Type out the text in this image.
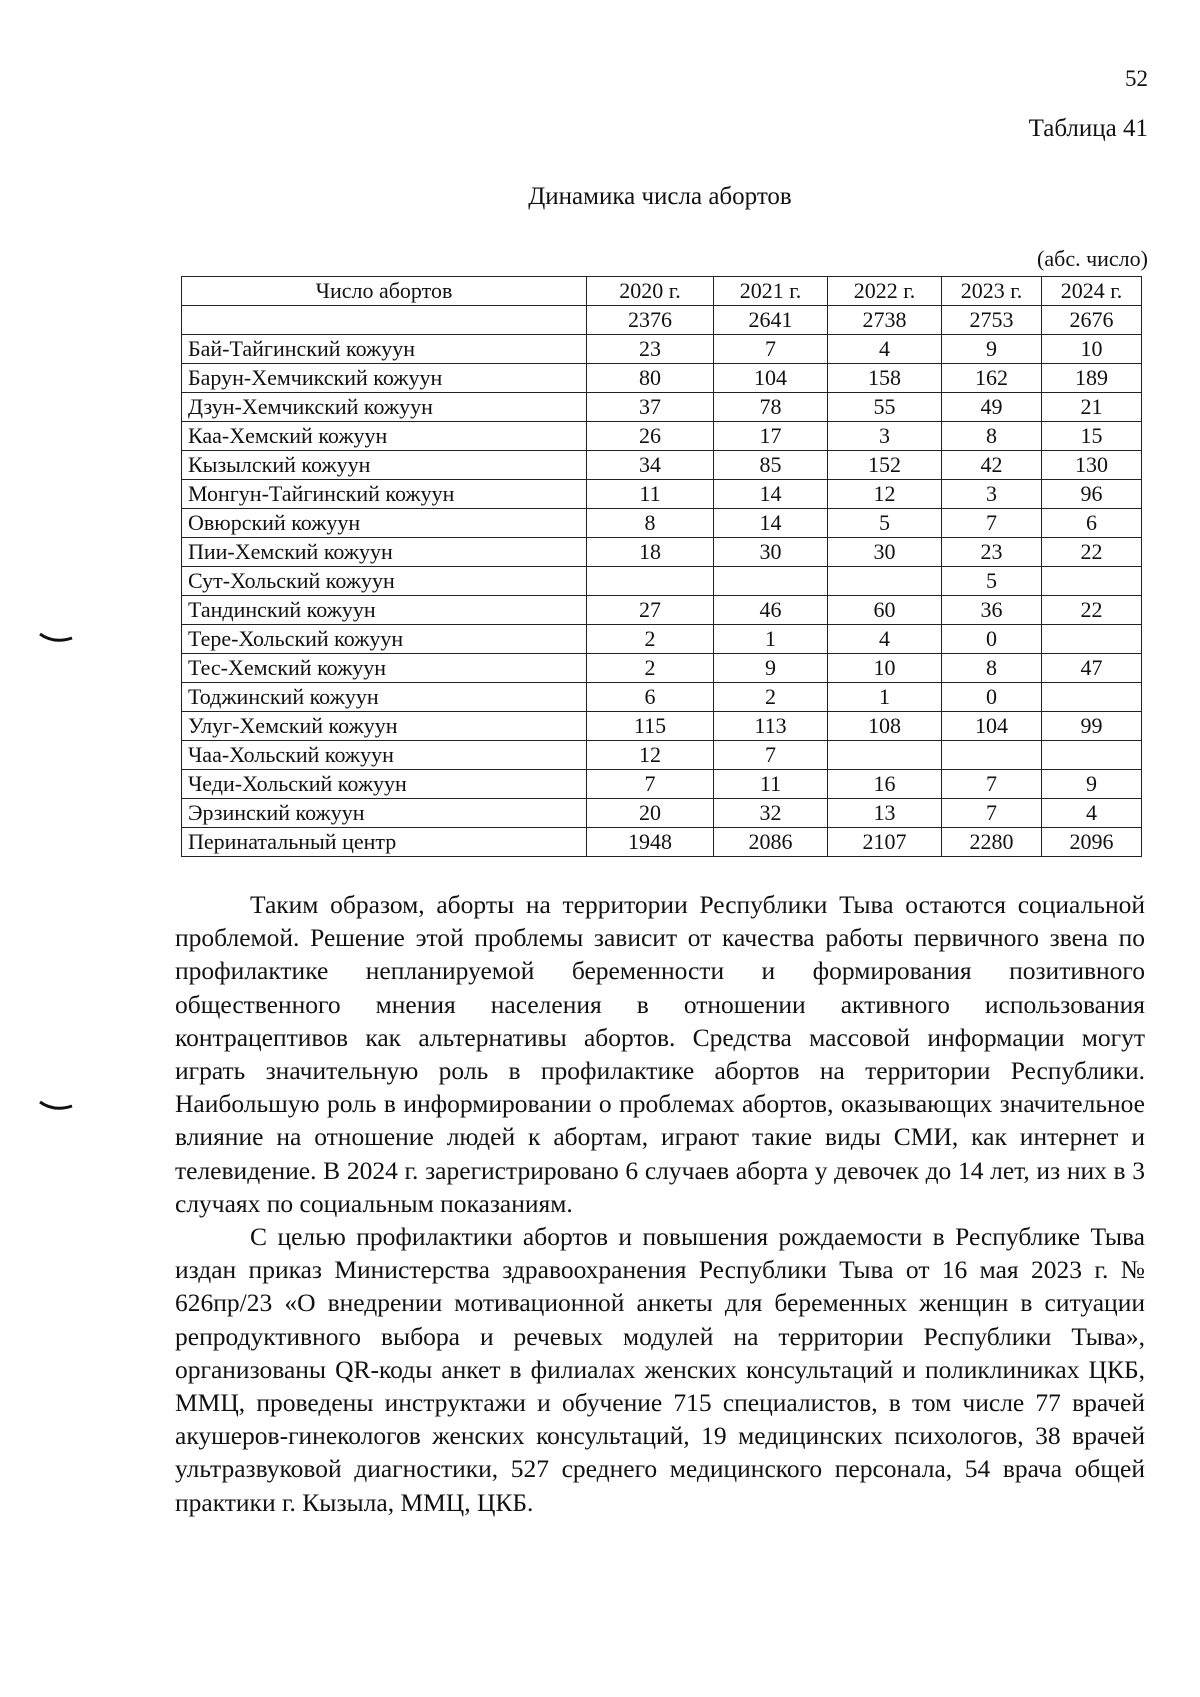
52
Таблица 41
Динамика числа абортов
(абс. число)
Число абортов	2020 г.	2021 г.	2022 г.	2023 г.	2024 г.
	2376	2641	2738	2753	2676
Бай-Тайгинский кожуун	23	7	4	9	10
Барун-Хемчикский кожуун	80	104	158	162	189
Дзун-Хемчикский кожуун	37	78	55	49	21
Каа-Хемский кожуун	26	17	3	8	15
Кызылский кожуун	34	85	152	42	130
Монгун-Тайгинский кожуун	11	14	12	3	96
Овюрский кожуун	8	14	5	7	6
Пии-Хемский кожуун	18	30	30	23	22
Сут-Хольский кожуун				5	
Тандинский кожуун	27	46	60	36	22
Тере-Хольский кожуун	2	1	4	0	
Тес-Хемский кожуун	2	9	10	8	47
Тоджинский кожуун	6	2	1	0	
Улуг-Хемский кожуун	115	113	108	104	99
Чаа-Хольский кожуун	12	7			
Чеди-Хольский кожуун	7	11	16	7	9
Эрзинский кожуун	20	32	13	7	4
Перинатальный центр	1948	2086	2107	2280	2096

Таким образом, аборты на территории Республики Тыва остаются социальной проблемой. Решение этой проблемы зависит от качества работы первичного звена по профилактике непланируемой беременности и формирования позитивного общественного мнения населения в отношении активного использования контрацептивов как альтернативы абортов. Средства массовой информации могут играть значительную роль в профилактике абортов на территории Республики. Наибольшую роль в информировании о проблемах абортов, оказывающих значительное влияние на отношение людей к абортам, играют такие виды СМИ, как интернет и телевидение. В 2024 г. зарегистрировано 6 случаев аборта у девочек до 14 лет, из них в 3 случаях по социальным показаниям.

С целью профилактики абортов и повышения рождаемости в Республике Тыва издан приказ Министерства здравоохранения Республики Тыва от 16 мая 2023 г. № 626пр/23 «О внедрении мотивационной анкеты для беременных женщин в ситуации репродуктивного выбора и речевых модулей на территории Республики Тыва», организованы QR-коды анкет в филиалах женских консультаций и поликлиниках ЦКБ, ММЦ, проведены инструктажи и обучение 715 специалистов, в том числе 77 врачей акушеров-гинекологов женских консультаций, 19 медицинских психологов, 38 врачей ультразвуковой диагностики, 527 среднего медицинского персонала, 54 врача общей практики г. Кызыла, ММЦ, ЦКБ.
